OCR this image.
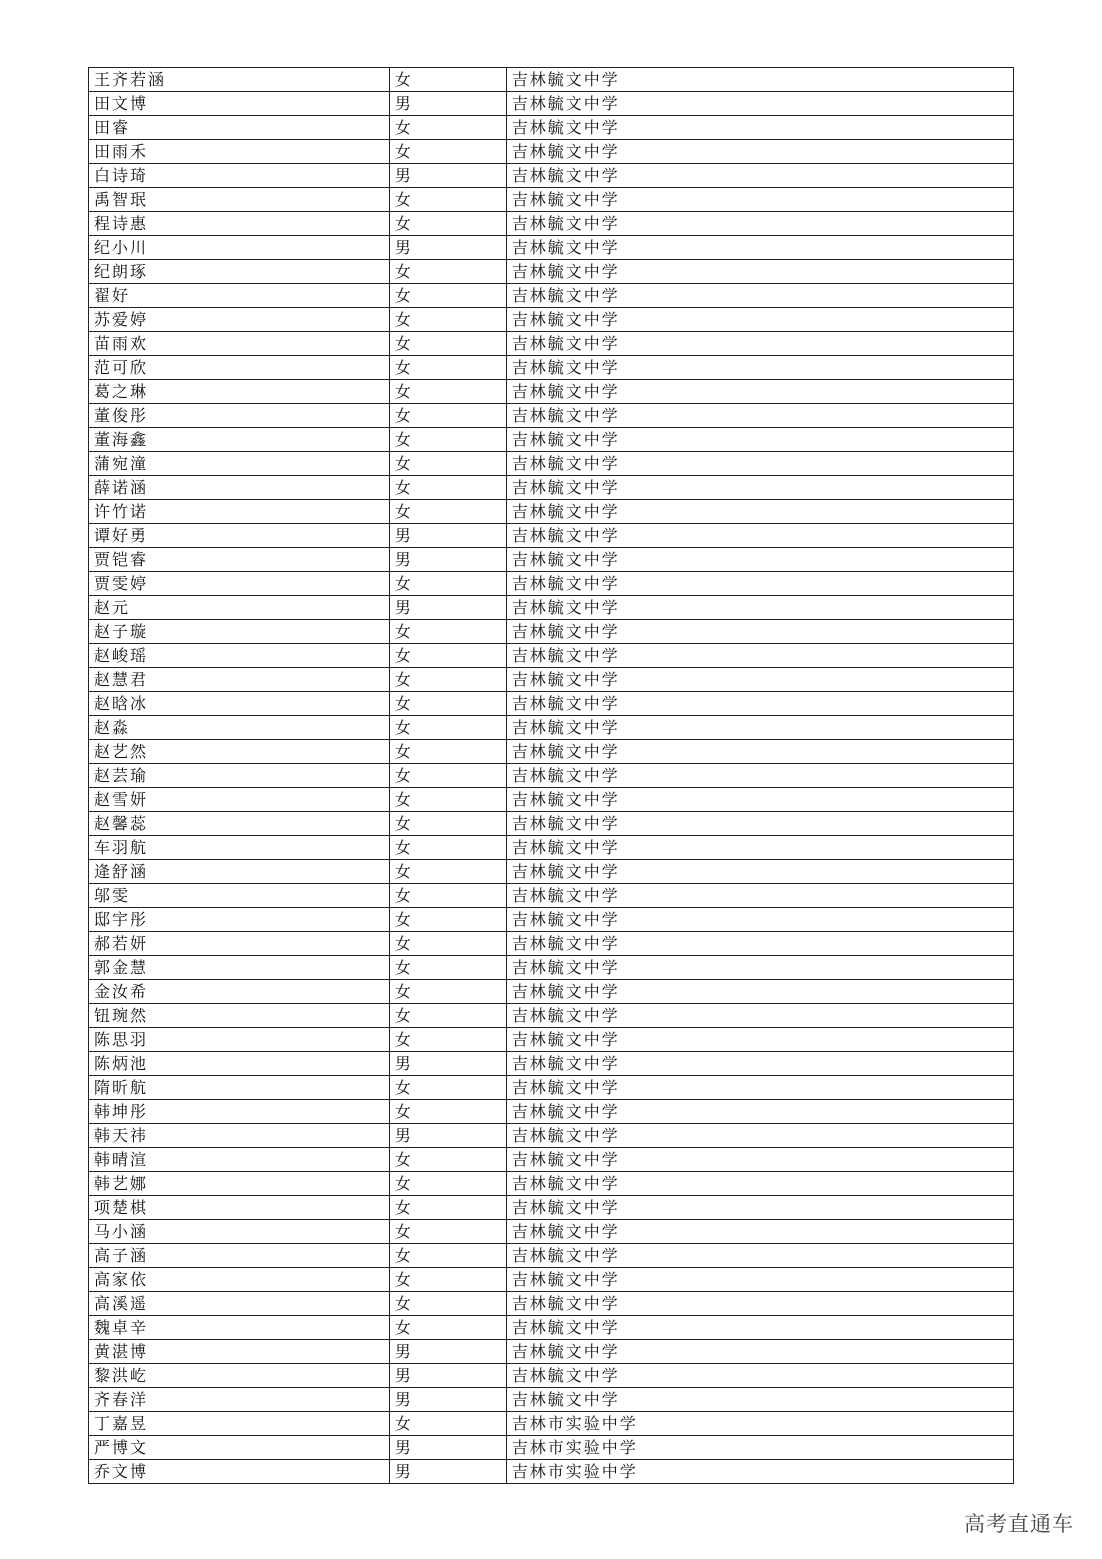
王齐若涵	女	吉林毓文中学
田文博	男	吉林毓文中学
田睿	女	吉林毓文中学
田雨禾	女	吉林毓文中学
白诗琦	男	吉林毓文中学
禹智珉	女	吉林毓文中学
程诗惠	女	吉林毓文中学
纪小川	男	吉林毓文中学
纪朗琢	女	吉林毓文中学
翟好	女	吉林毓文中学
苏爱婷	女	吉林毓文中学
苗雨欢	女	吉林毓文中学
范可欣	女	吉林毓文中学
葛之琳	女	吉林毓文中学
董俊彤	女	吉林毓文中学
董海鑫	女	吉林毓文中学
蒲宛潼	女	吉林毓文中学
薛诺涵	女	吉林毓文中学
许竹诺	女	吉林毓文中学
谭好勇	男	吉林毓文中学
贾铠睿	男	吉林毓文中学
贾雯婷	女	吉林毓文中学
赵元	男	吉林毓文中学
赵子璇	女	吉林毓文中学
赵峻瑶	女	吉林毓文中学
赵慧君	女	吉林毓文中学
赵晗冰	女	吉林毓文中学
赵淼	女	吉林毓文中学
赵艺然	女	吉林毓文中学
赵芸瑜	女	吉林毓文中学
赵雪妍	女	吉林毓文中学
赵馨蕊	女	吉林毓文中学
车羽航	女	吉林毓文中学
逄舒涵	女	吉林毓文中学
邬雯	女	吉林毓文中学
邸宇彤	女	吉林毓文中学
郝若妍	女	吉林毓文中学
郭金慧	女	吉林毓文中学
金汝希	女	吉林毓文中学
钮琬然	女	吉林毓文中学
陈思羽	女	吉林毓文中学
陈炳池	男	吉林毓文中学
隋昕航	女	吉林毓文中学
韩坤彤	女	吉林毓文中学
韩天祎	男	吉林毓文中学
韩晴渲	女	吉林毓文中学
韩艺娜	女	吉林毓文中学
项楚棋	女	吉林毓文中学
马小涵	女	吉林毓文中学
高子涵	女	吉林毓文中学
高家依	女	吉林毓文中学
高溪遥	女	吉林毓文中学
魏卓辛	女	吉林毓文中学
黄湛博	男	吉林毓文中学
黎洪屹	男	吉林毓文中学
齐春洋	男	吉林毓文中学
丁嘉昱	女	吉林市实验中学
严博文	男	吉林市实验中学
乔文博	男	吉林市实验中学
高考直通车
